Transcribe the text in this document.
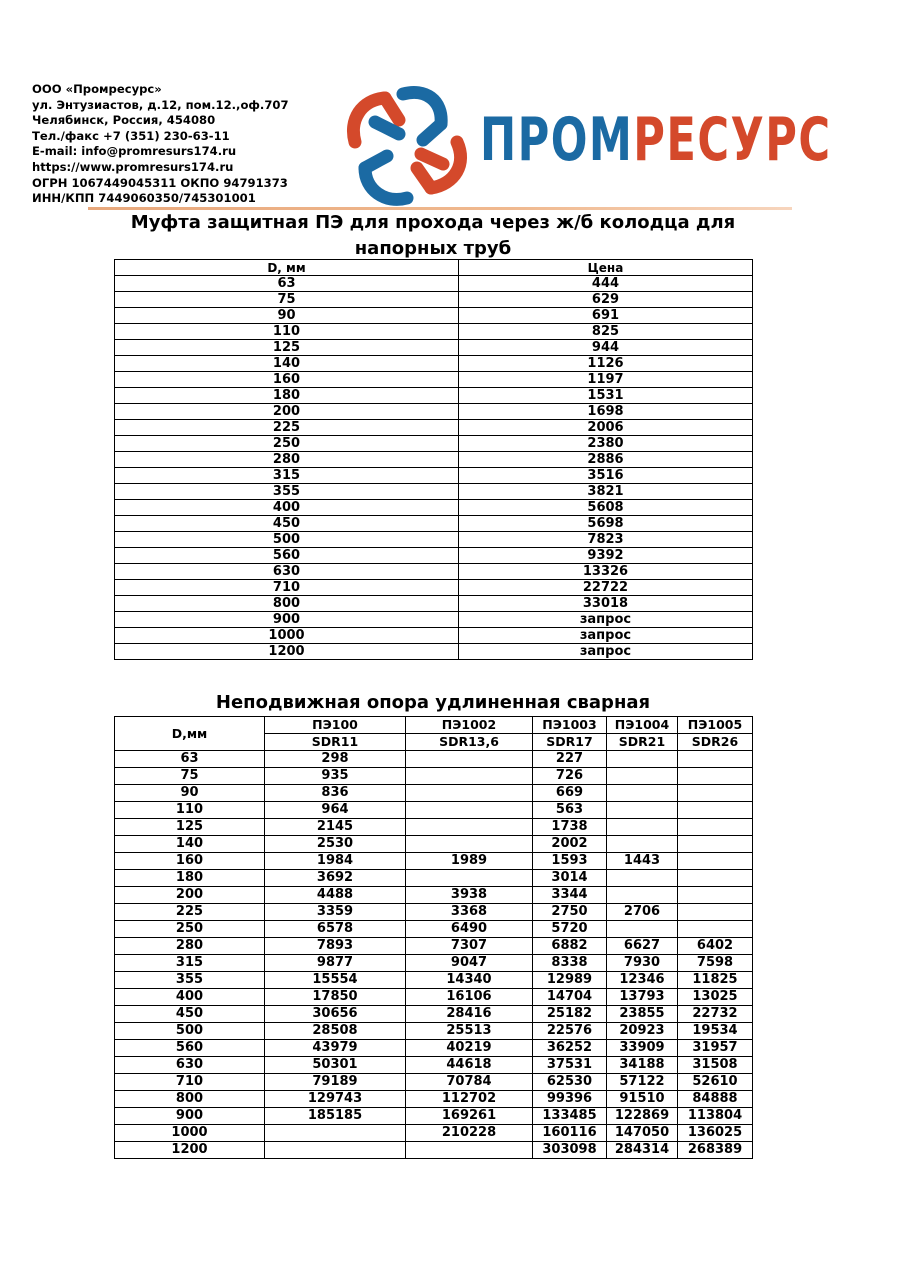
ООО «Промресурс»
ул. Энтузиастов, д.12, пом.12.,оф.707
Челябинск, Россия, 454080
Тел./факс +7 (351) 230-63-11
E-mail: info@promresurs174.ru
https://www.promresurs174.ru
ОГРН 1067449045311 ОКПО 94791373
ИНН/КПП 7449060350/745301001
ПРОМРЕСУРС
Муфта защитная ПЭ для прохода через ж/б колодца для напорных труб
D, мм	Цена
63	444
75	629
90	691
110	825
125	944
140	1126
160	1197
180	1531
200	1698
225	2006
250	2380
280	2886
315	3516
355	3821
400	5608
450	5698
500	7823
560	9392
630	13326
710	22722
800	33018
900	запрос
1000	запрос
1200	запрос
Неподвижная опора удлиненная сварная
D,мм	ПЭ100	ПЭ1002	ПЭ1003	ПЭ1004	ПЭ1005
	SDR11	SDR13,6	SDR17	SDR21	SDR26
63	298		227		
75	935		726		
90	836		669		
110	964		563		
125	2145		1738		
140	2530		2002		
160	1984	1989	1593	1443	
180	3692		3014		
200	4488	3938	3344		
225	3359	3368	2750	2706	
250	6578	6490	5720		
280	7893	7307	6882	6627	6402
315	9877	9047	8338	7930	7598
355	15554	14340	12989	12346	11825
400	17850	16106	14704	13793	13025
450	30656	28416	25182	23855	22732
500	28508	25513	22576	20923	19534
560	43979	40219	36252	33909	31957
630	50301	44618	37531	34188	31508
710	79189	70784	62530	57122	52610
800	129743	112702	99396	91510	84888
900	185185	169261	133485	122869	113804
1000		210228	160116	147050	136025
1200			303098	284314	268389
